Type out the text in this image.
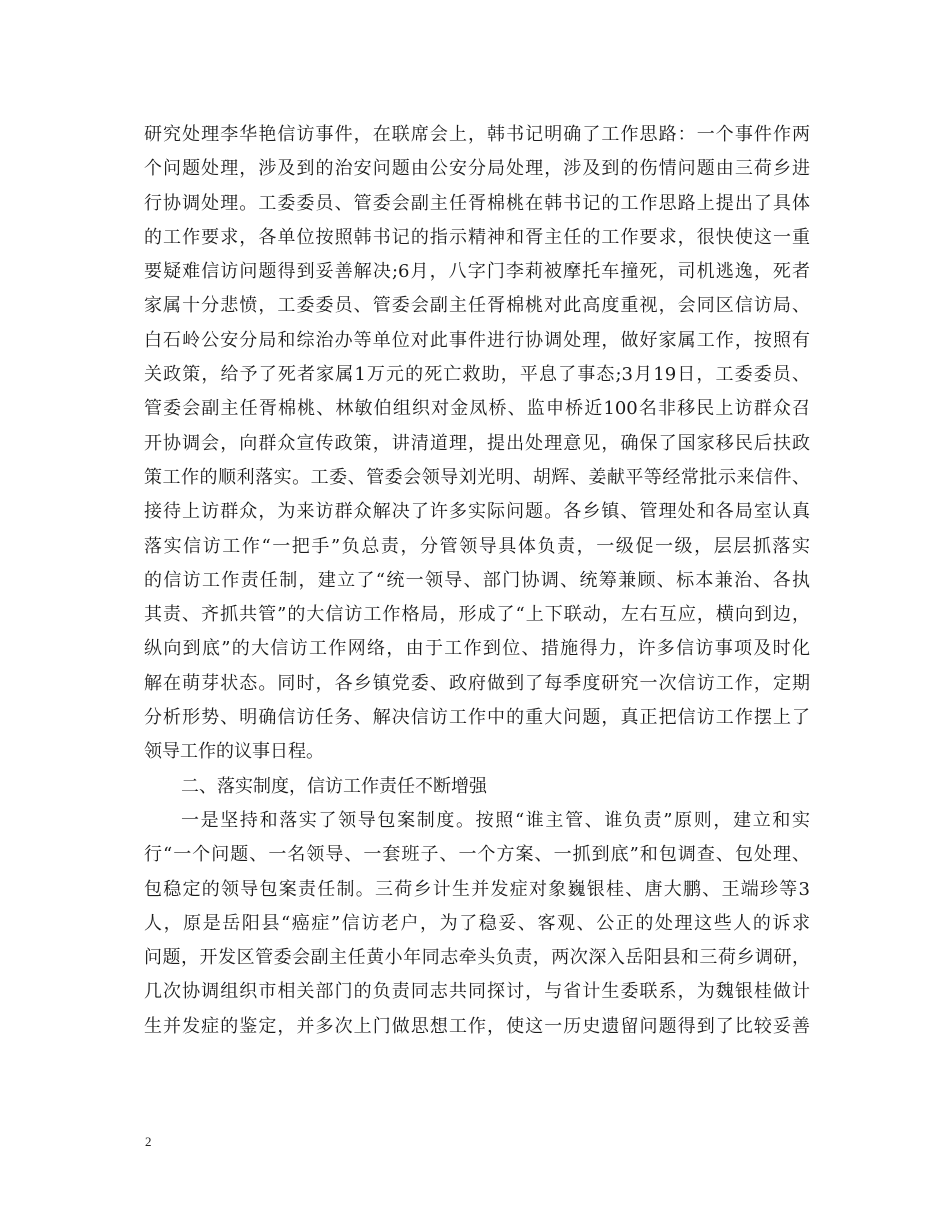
研究处理李华艳信访事件，在联席会上，韩书记明确了工作思路：一个事件作两
个问题处理，涉及到的治安问题由公安分局处理，涉及到的伤情问题由三荷乡进
行协调处理。工委委员、管委会副主任胥棉桃在韩书记的工作思路上提出了具体
的工作要求，各单位按照韩书记的指示精神和胥主任的工作要求，很快使这一重
要疑难信访问题得到妥善解决;6月，八字门李莉被摩托车撞死，司机逃逸，死者
家属十分悲愤，工委委员、管委会副主任胥棉桃对此高度重视，会同区信访局、
白石岭公安分局和综治办等单位对此事件进行协调处理，做好家属工作，按照有
关政策，给予了死者家属1万元的死亡救助，平息了事态;3月19日，工委委员、
管委会副主任胥棉桃、林敏伯组织对金凤桥、监申桥近100名非移民上访群众召
开协调会，向群众宣传政策，讲清道理，提出处理意见，确保了国家移民后扶政
策工作的顺利落实。工委、管委会领导刘光明、胡辉、姜献平等经常批示来信件、
接待上访群众，为来访群众解决了许多实际问题。各乡镇、管理处和各局室认真
落实信访工作“一把手”负总责，分管领导具体负责，一级促一级，层层抓落实
的信访工作责任制，建立了“统一领导、部门协调、统筹兼顾、标本兼治、各执
其责、齐抓共管”的大信访工作格局，形成了“上下联动，左右互应，横向到边，
纵向到底”的大信访工作网络，由于工作到位、措施得力，许多信访事项及时化
解在萌芽状态。同时，各乡镇党委、政府做到了每季度研究一次信访工作，定期
分析形势、明确信访任务、解决信访工作中的重大问题，真正把信访工作摆上了
领导工作的议事日程。
二、落实制度，信访工作责任不断增强
一是坚持和落实了领导包案制度。按照“谁主管、谁负责”原则，建立和实
行“一个问题、一名领导、一套班子、一个方案、一抓到底”和包调查、包处理、
包稳定的领导包案责任制。三荷乡计生并发症对象巍银桂、唐大鹏、王端珍等3
人，原是岳阳县“癌症”信访老户，为了稳妥、客观、公正的处理这些人的诉求
问题，开发区管委会副主任黄小年同志牵头负责，两次深入岳阳县和三荷乡调研，
几次协调组织市相关部门的负责同志共同探讨，与省计生委联系，为魏银桂做计
生并发症的鉴定，并多次上门做思想工作，使这一历史遗留问题得到了比较妥善
2
